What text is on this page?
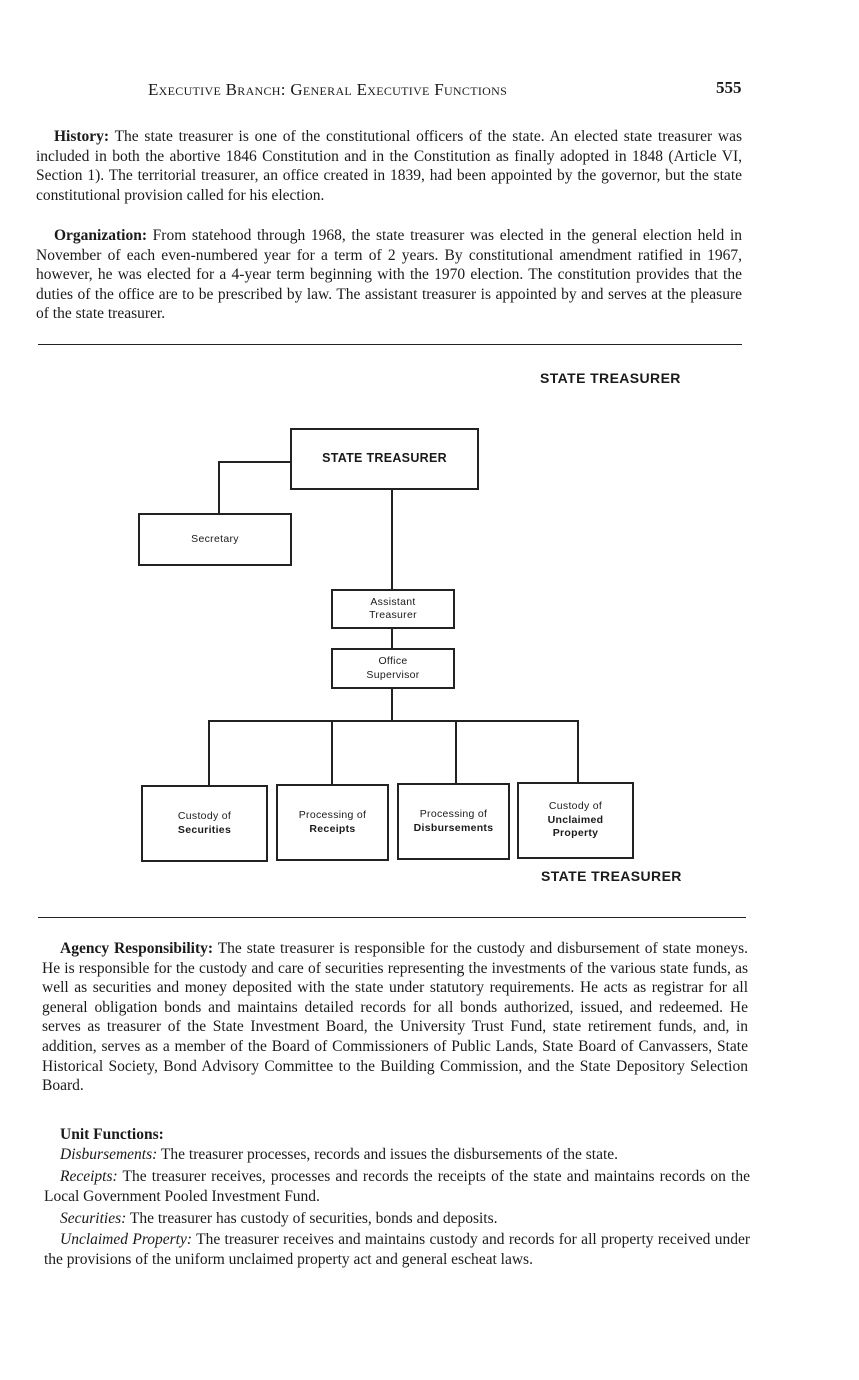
Executive Branch: General Executive Functions	555

History: The state treasurer is one of the constitutional officers of the state. An elected state treasurer was included in both the abortive 1846 Constitution and in the Constitution as finally adopted in 1848 (Article VI, Section 1). The territorial treasurer, an office created in 1839, had been appointed by the governor, but the state constitutional provision called for his election.

Organization: From statehood through 1968, the state treasurer was elected in the general election held in November of each even-numbered year for a term of 2 years. By constitutional amendment ratified in 1967, however, he was elected for a 4-year term beginning with the 1970 election. The constitution provides that the duties of the office are to be prescribed by law. The assistant treasurer is appointed by and serves at the pleasure of the state treasurer.

STATE TREASURER
STATE TREASURER
Secretary
Assistant
Treasurer
Office
Supervisor
Custody of
Securities
Processing of
Receipts
Processing of
Disbursements
Custody of
Unclaimed
Property
STATE TREASURER

Agency Responsibility: The state treasurer is responsible for the custody and disbursement of state moneys. He is responsible for the custody and care of securities representing the investments of the various state funds, as well as securities and money deposited with the state under statutory requirements. He acts as registrar for all general obligation bonds and maintains detailed records for all bonds authorized, issued, and redeemed. He serves as treasurer of the State Investment Board, the University Trust Fund, state retirement funds, and, in addition, serves as a member of the Board of Commissioners of Public Lands, State Board of Canvassers, State Historical Society, Bond Advisory Committee to the Building Commission, and the State Depository Selection Board.

Unit Functions:

Disbursements: The treasurer processes, records and issues the disbursements of the state.

Receipts: The treasurer receives, processes and records the receipts of the state and maintains records on the Local Government Pooled Investment Fund.

Securities: The treasurer has custody of securities, bonds and deposits.

Unclaimed Property: The treasurer receives and maintains custody and records for all property received under the provisions of the uniform unclaimed property act and general escheat laws.
